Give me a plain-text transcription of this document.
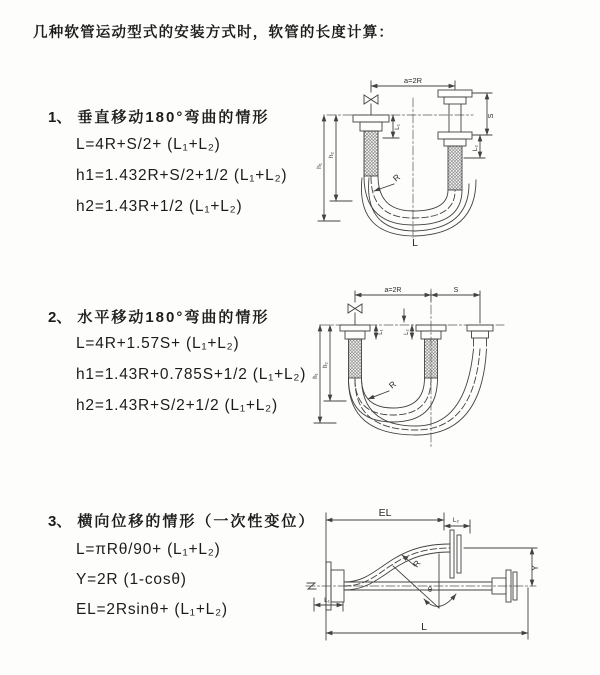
几种软管运动型式的安装方式时，软管的长度计算：
1、 垂直移动180°弯曲的情形
L=4R+S/2+ (L₁+L₂)
h1=1.432R+S/2+1/2 (L₁+L₂)
h2=1.43R+1/2 (L₁+L₂)
a=2R
S
L₂
L₁
h₂
h₁
R
L
2、 水平移动180°弯曲的情形
L=4R+1.57S+ (L₁+L₂)
h1=1.43R+0.785S+1/2 (L₁+L₂)
h2=1.43R+S/2+1/2 (L₁+L₂)
a=2R	S
L₁	L₂
h₂
h₁
R
3、 横向位移的情形（一次性变位）
L=πRθ/90+ (L₁+L₂)
Y=2R (1-cosθ)
EL=2Rsinθ+ (L₁+L₂)
EL
L₂
L₁
L
Y
R
θ
